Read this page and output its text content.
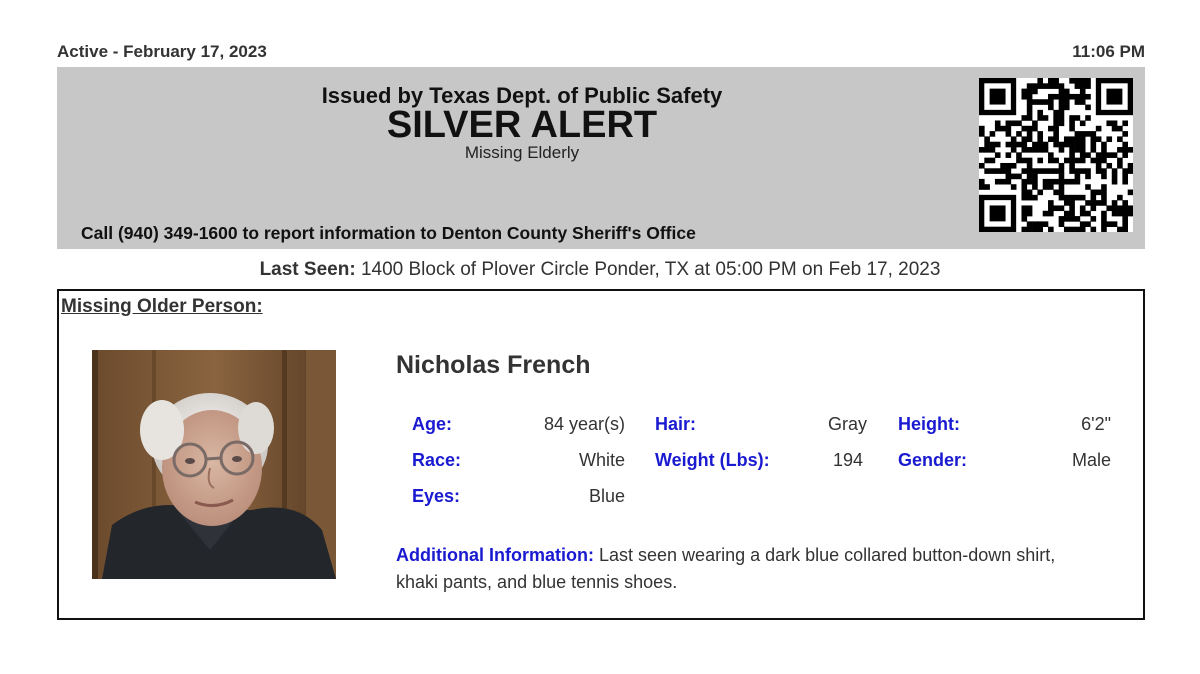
Active - February 17, 2023	11:06 PM
Issued by Texas Dept. of Public Safety
SILVER ALERT
Missing Elderly
Call (940) 349-1600 to report information to Denton County Sheriff's Office
Last Seen: 1400 Block of Plover Circle Ponder, TX at 05:00 PM on Feb 17, 2023
Missing Older Person:
Nicholas French
Age:	84 year(s) Hair:	Gray Height:	6'2"
Race:	White Weight (Lbs):	194 Gender:	Male
Eyes:	Blue
Additional Information: Last seen wearing a dark blue collared button-down shirt, khaki pants, and blue tennis shoes.
